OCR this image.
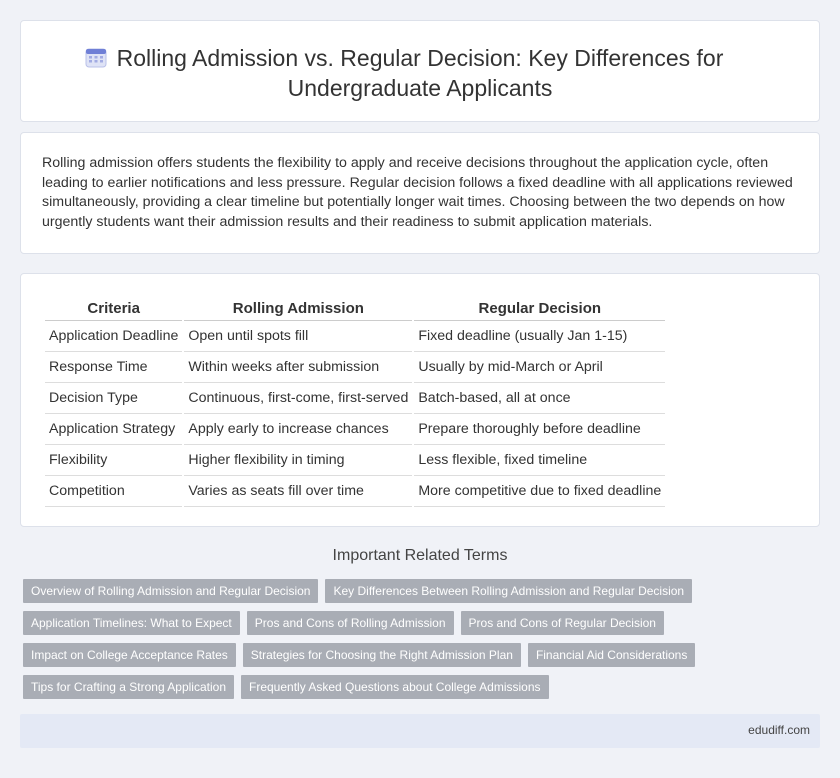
Rolling Admission vs. Regular Decision: Key Differences for Undergraduate Applicants

Rolling admission offers students the flexibility to apply and receive decisions throughout the application cycle, often leading to earlier notifications and less pressure. Regular decision follows a fixed deadline with all applications reviewed simultaneously, providing a clear timeline but potentially longer wait times. Choosing between the two depends on how urgently students want their admission results and their readiness to submit application materials.

Criteria	Rolling Admission	Regular Decision
Application Deadline	Open until spots fill	Fixed deadline (usually Jan 1-15)
Response Time	Within weeks after submission	Usually by mid-March or April
Decision Type	Continuous, first-come, first-served	Batch-based, all at once
Application Strategy	Apply early to increase chances	Prepare thoroughly before deadline
Flexibility	Higher flexibility in timing	Less flexible, fixed timeline
Competition	Varies as seats fill over time	More competitive due to fixed deadline
Important Related Terms
Overview of Rolling Admission and Regular Decision	Key Differences Between Rolling Admission and Regular Decision
Application Timelines: What to Expect	Pros and Cons of Rolling Admission	Pros and Cons of Regular Decision
Impact on College Acceptance Rates	Strategies for Choosing the Right Admission Plan	Financial Aid Considerations
Tips for Crafting a Strong Application	Frequently Asked Questions about College Admissions
edudiff.com
